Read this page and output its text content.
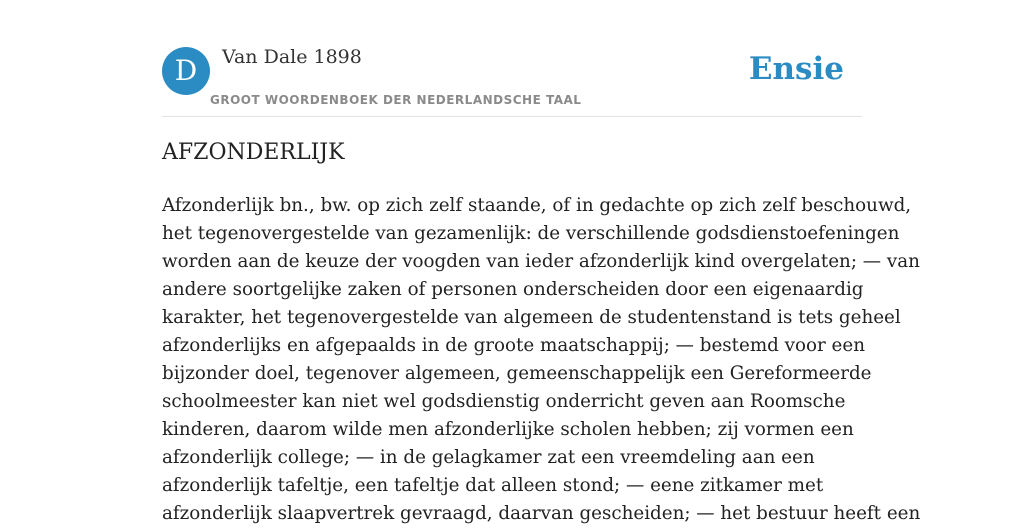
D	Van Dale 1898
GROOT WOORDENBOEK DER NEDERLANDSCHE TAAL
Ensie
AFZONDERLIJK

Afzonderlijk bn., bw. op zich zelf staande, of in gedachte op zich zelf beschouwd,
het tegenovergestelde van gezamenlijk: de verschillende godsdienstoefeningen
worden aan de keuze der voogden van ieder afzonderlijk kind overgelaten; — van
andere soortgelijke zaken of personen onderscheiden door een eigenaardig
karakter, het tegenovergestelde van algemeen de studentenstand is tets geheel
afzonderlijks en afgepaalds in de groote maatschappij; — bestemd voor een
bijzonder doel, tegenover algemeen, gemeenschappelijk een Gereformeerde
schoolmeester kan niet wel godsdienstig onderricht geven aan Roomsche
kinderen, daarom wilde men afzonderlijke scholen hebben; zij vormen een
afzonderlijk college; — in de gelagkamer zat een vreemdeling aan een
afzonderlijk tafeltje, een tafeltje dat alleen stond; — eene zitkamer met
afzonderlijk slaapvertrek gevraagd, daarvan gescheiden; — het bestuur heeft een
